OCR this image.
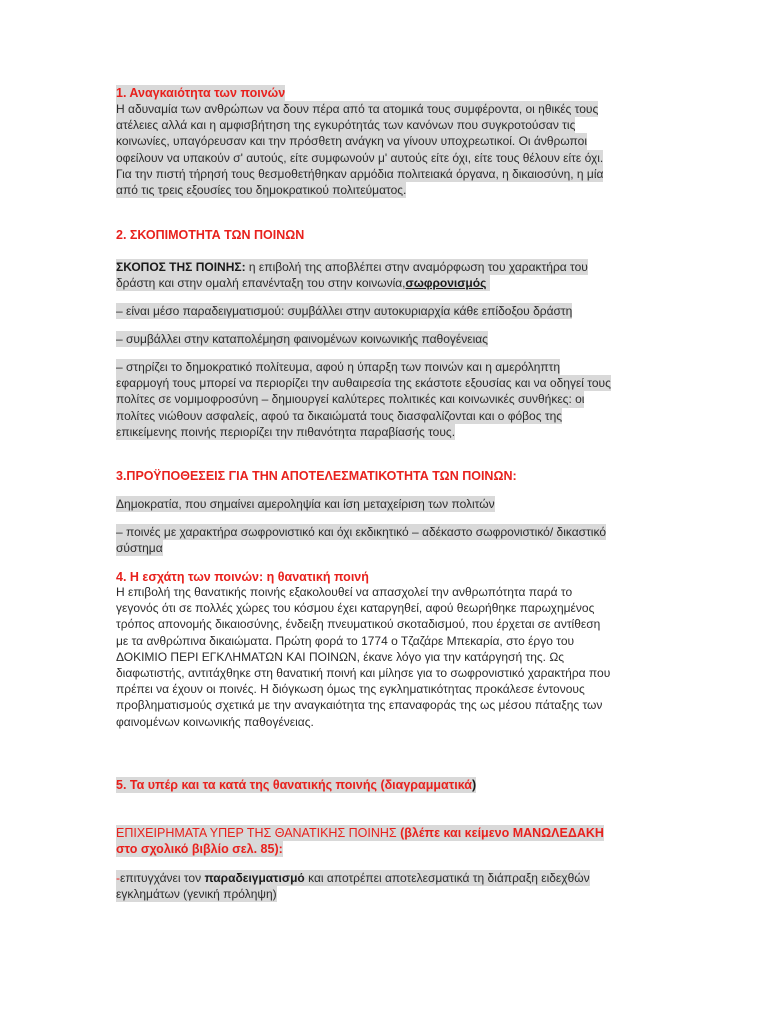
1. Αναγκαιότητα των ποινών
Η αδυναμία των ανθρώπων να δουν πέρα από τα ατομικά τους συμφέροντα, οι ηθικές τους
ατέλειες αλλά και η αμφισβήτηση της εγκυρότητάς των κανόνων που συγκροτούσαν τις
κοινωνίες, υπαγόρευσαν και την πρόσθετη ανάγκη να γίνουν υποχρεωτικοί. Οι άνθρωποι
οφείλουν να υπακούν σ' αυτούς, είτε συμφωνούν μ' αυτούς είτε όχι, είτε τους θέλουν είτε όχι.
Για την πιστή τήρησή τους θεσμοθετήθηκαν αρμόδια πολιτειακά όργανα, η δικαιοσύνη, η μία
από τις τρεις εξουσίες του δημοκρατικού πολιτεύματος.
2. ΣΚΟΠΙΜΟΤΗΤΑ ΤΩΝ ΠΟΙΝΩΝ
ΣΚΟΠΟΣ ΤΗΣ ΠΟΙΝΗΣ: η επιβολή της αποβλέπει στην αναμόρφωση του χαρακτήρα του
δράστη και στην ομαλή επανένταξη του στην κοινωνία,σωφρονισμός
– είναι μέσο παραδειγματισμού: συμβάλλει στην αυτοκυριαρχία κάθε επίδοξου δράστη
– συμβάλλει στην καταπολέμηση φαινομένων κοινωνικής παθογένειας
– στηρίζει το δημοκρατικό πολίτευμα, αφού η ύπαρξη των ποινών και η αμερόληπτη
εφαρμογή τους μπορεί να περιορίζει την αυθαιρεσία της εκάστοτε εξουσίας και να οδηγεί τους
πολίτες σε νομιμοφροσύνη – δημιουργεί καλύτερες πολιτικές και κοινωνικές συνθήκες: οι
πολίτες νιώθουν ασφαλείς, αφού τα δικαιώματά τους διασφαλίζονται και ο φόβος της
επικείμενης ποινής περιορίζει την πιθανότητα παραβίασής τους.
3.ΠΡΟΫΠΟΘΕΣΕΙΣ ΓΙΑ ΤΗΝ ΑΠΟΤΕΛΕΣΜΑΤΙΚΟΤΗΤΑ ΤΩΝ ΠΟΙΝΩΝ:
Δημοκρατία, που σημαίνει αμεροληψία και ίση μεταχείριση των πολιτών
– ποινές με χαρακτήρα σωφρονιστικό και όχι εκδικητικό – αδέκαστο σωφρονιστικό/ δικαστικό
σύστημα
4. Η εσχάτη των ποινών: η θανατική ποινή
Η επιβολή της θανατικής ποινής εξακολουθεί να απασχολεί την ανθρωπότητα παρά το
γεγονός ότι σε πολλές χώρες του κόσμου έχει καταργηθεί, αφού θεωρήθηκε παρωχημένος
τρόπος απονομής δικαιοσύνης, ένδειξη πνευματικού σκοταδισμού, που έρχεται σε αντίθεση
με τα ανθρώπινα δικαιώματα. Πρώτη φορά το 1774 ο Τζαζάρε Μπεκαρία, στο έργο του
ΔΟΚΙΜΙΟ ΠΕΡΙ ΕΓΚΛΗΜΑΤΩΝ ΚΑΙ ΠΟΙΝΩΝ, έκανε λόγο για την κατάργησή της. Ως
διαφωτιστής, αντιτάχθηκε στη θανατική ποινή και μίλησε για το σωφρονιστικό χαρακτήρα που
πρέπει να έχουν οι ποινές. Η διόγκωση όμως της εγκληματικότητας προκάλεσε έντονους
προβληματισμούς σχετικά με την αναγκαιότητα της επαναφοράς της ως μέσου πάταξης των
φαινομένων κοινωνικής παθογένειας.
5. Τα υπέρ και τα κατά της θανατικής ποινής (διαγραμματικά)
ΕΠΙΧΕΙΡΗΜΑΤΑ ΥΠΕΡ ΤΗΣ ΘΑΝΑΤΙΚΗΣ ΠΟΙΝΗΣ (βλέπε και κείμενο ΜΑΝΩΛΕΔΑΚΗ
στο σχολικό βιβλίο σελ. 85):
-επιτυγχάνει τον παραδειγματισμό και αποτρέπει αποτελεσματικά τη διάπραξη ειδεχθών
εγκλημάτων (γενική πρόληψη)
